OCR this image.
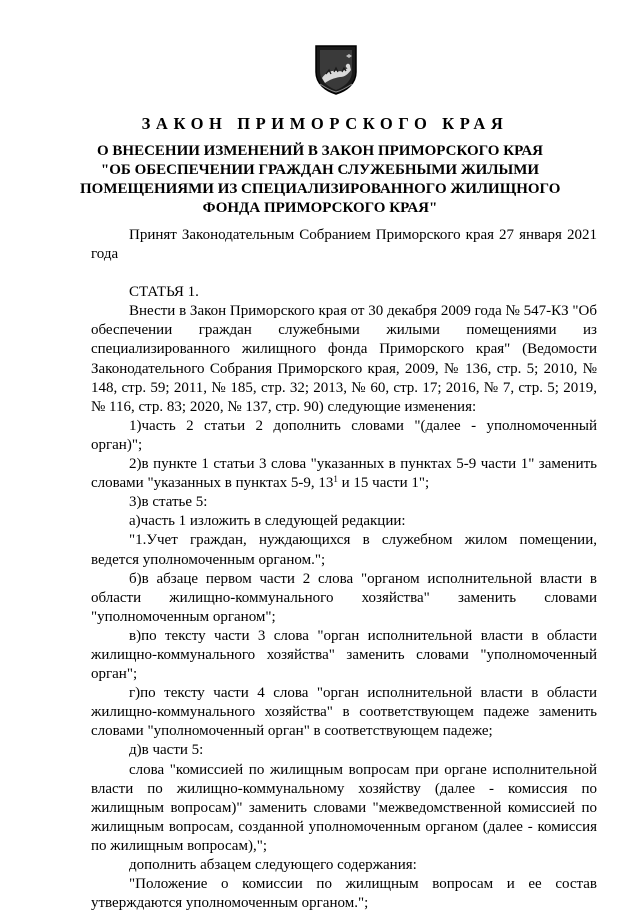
ЗАКОН ПРИМОРСКОГО КРАЯ
О ВНЕСЕНИИ ИЗМЕНЕНИЙ В ЗАКОН ПРИМОРСКОГО КРАЯ
"ОБ ОБЕСПЕЧЕНИИ ГРАЖДАН СЛУЖЕБНЫМИ ЖИЛЫМИ
ПОМЕЩЕНИЯМИ ИЗ СПЕЦИАЛИЗИРОВАННОГО ЖИЛИЩНОГО
ФОНДА ПРИМОРСКОГО КРАЯ"

Принят Законодательным Собранием Приморского края 27 января 2021 года

СТАТЬЯ 1.

Внести в Закон Приморского края от 30 декабря 2009 года № 547-КЗ "Об обеспечении граждан служебными жилыми помещениями из специализированного жилищного фонда Приморского края" (Ведомости Законодательного Собрания Приморского края, 2009, № 136, стр. 5; 2010, № 148, стр. 59; 2011, № 185, стр. 32; 2013, № 60, стр. 17; 2016, № 7, стр. 5; 2019, № 116, стр. 83; 2020, № 137, стр. 90) следующие изменения:

1)часть 2 статьи 2 дополнить словами "(далее - уполномоченный орган)";

2)в пункте 1 статьи 3 слова "указанных в пунктах 5-9 части 1" заменить словами "указанных в пунктах 5-9, $13^1$ и 15 части 1";

3)в статье 5:

а)часть 1 изложить в следующей редакции:

"1.Учет граждан, нуждающихся в служебном жилом помещении, ведется уполномоченным органом.";

б)в абзаце первом части 2 слова "органом исполнительной власти в области жилищно-коммунального хозяйства" заменить словами "уполномоченным органом";

в)по тексту части 3 слова "орган исполнительной власти в области жилищно-коммунального хозяйства" заменить словами "уполномоченный орган";

г)по тексту части 4 слова "орган исполнительной власти в области жилищно-коммунального хозяйства" в соответствующем падеже заменить словами "уполномоченный орган" в соответствующем падеже;

д)в части 5:

слова "комиссией по жилищным вопросам при органе исполнительной власти по жилищно-коммунальному хозяйству (далее - комиссия по жилищным вопросам)" заменить словами "межведомственной комиссией по жилищным вопросам, созданной уполномоченным органом (далее - комиссия по жилищным вопросам),";

дополнить абзацем следующего содержания:

"Положение о комиссии по жилищным вопросам и ее состав утверждаются уполномоченным органом.";
